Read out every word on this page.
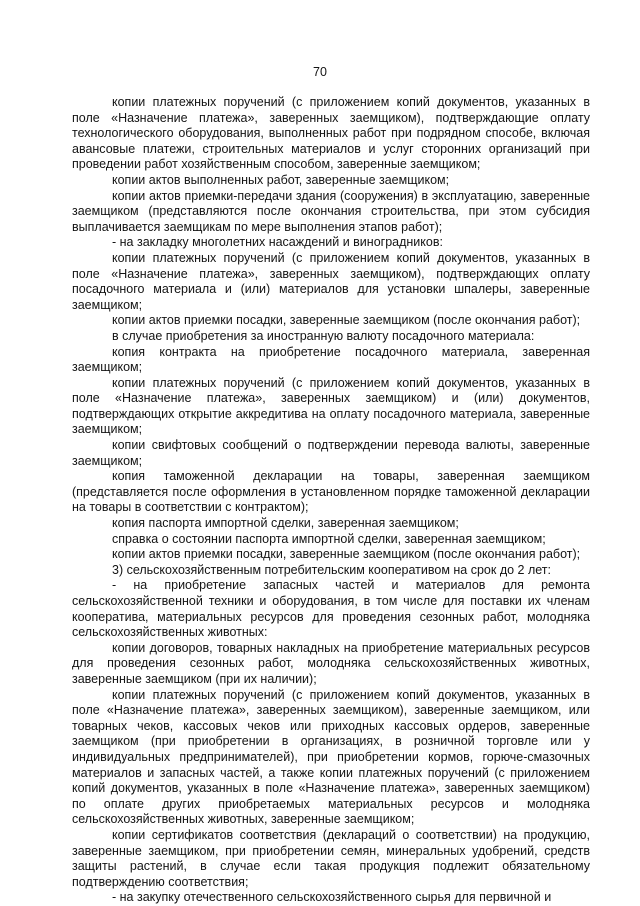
70

копии платежных поручений (с приложением копий документов, указанных в поле «Назначение платежа», заверенных заемщиком), подтверждающие оплату технологического оборудования, выполненных работ при подрядном способе, включая авансовые платежи, строительных материалов и услуг сторонних организаций при проведении работ хозяйственным способом, заверенные заемщиком;

копии актов выполненных работ, заверенные заемщиком;

копии актов приемки-передачи здания (сооружения) в эксплуатацию, заверенные заемщиком (представляются после окончания строительства, при этом субсидия выплачивается заемщикам по мере выполнения этапов работ);

- на закладку многолетних насаждений и виноградников:

копии платежных поручений (с приложением копий документов, указанных в поле «Назначение платежа», заверенных заемщиком), подтверждающих оплату посадочного материала и (или) материалов для установки шпалеры, заверенные заемщиком;

копии актов приемки посадки, заверенные заемщиком (после окончания работ);

в случае приобретения за иностранную валюту посадочного материала:

копия контракта на приобретение посадочного материала, заверенная заемщиком;

копии платежных поручений (с приложением копий документов, указанных в поле «Назначение платежа», заверенных заемщиком) и (или) документов, подтверждающих открытие аккредитива на оплату посадочного материала, заверенные заемщиком;

копии свифтовых сообщений о подтверждении перевода валюты, заверенные заемщиком;

копия таможенной декларации на товары, заверенная заемщиком (представляется после оформления в установленном порядке таможенной декларации на товары в соответствии с контрактом);

копия паспорта импортной сделки, заверенная заемщиком;

справка о состоянии паспорта импортной сделки, заверенная заемщиком;

копии актов приемки посадки, заверенные заемщиком (после окончания работ);

3) сельскохозяйственным потребительским кооперативом на срок до 2 лет:

- на приобретение запасных частей и материалов для ремонта сельскохозяйственной техники и оборудования, в том числе для поставки их членам кооператива, материальных ресурсов для проведения сезонных работ, молодняка сельскохозяйственных животных:

копии договоров, товарных накладных на приобретение материальных ресурсов для проведения сезонных работ, молодняка сельскохозяйственных животных, заверенные заемщиком (при их наличии);

копии платежных поручений (с приложением копий документов, указанных в поле «Назначение платежа», заверенных заемщиком), заверенные заемщиком, или товарных чеков, кассовых чеков или приходных кассовых ордеров, заверенные заемщиком (при приобретении в организациях, в розничной торговле или у индивидуальных предпринимателей), при приобретении кормов, горюче-смазочных материалов и запасных частей, а также копии платежных поручений (с приложением копий документов, указанных в поле «Назначение платежа», заверенных заемщиком) по оплате других приобретаемых материальных ресурсов и молодняка сельскохозяйственных животных, заверенные заемщиком;

копии сертификатов соответствия (деклараций о соответствии) на продукцию, заверенные заемщиком, при приобретении семян, минеральных удобрений, средств защиты растений, в случае если такая продукция подлежит обязательному подтверждению соответствия;

- на закупку отечественного сельскохозяйственного сырья для первичной и
